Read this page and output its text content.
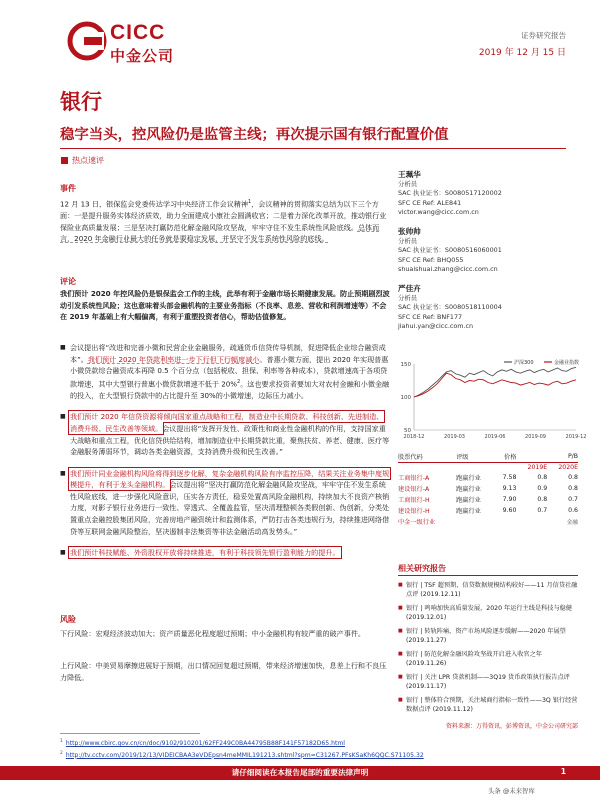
CICC
中金公司
证券研究报告
2019 年 12 月 15 日
银行
稳字当头，控风险仍是监管主线；再次提示国有银行配置价值
热点速评
事件
12 月 13 日，银保监会党委传达学习中央经济工作会议精神$^1$，会议精神的贯彻落实总结为以下三个方面：一是提升服务实体经济质效，助力全面建成小康社会圆满收官；二是着力深化改革开放，推动银行业保险业高质量发展；三是坚决打赢防范化解金融风险攻坚战，牢牢守住不发生系统性风险底线。总体而言，2020 年金融行业最大的任务就是要稳定发展，并坚守不发生系统性风险的底线。
评论
我们预计 2020 年控风险仍是银保监会工作的主线，此举有利于金融市场长期健康发展。防止预期剧烈波动引发系统性风险；这也意味着头部金融机构的主要业务指标（不良率、息差、营收和利润增速等）不会在 2019 年基础上有大幅偏离，有利于重塑投资者信心，帮助估值修复。
■ 会议提出将“改进和完善小微和民营企业金融服务，疏通货币信贷传导机制，促进降低企业综合融资成本”。我们预计 2020 年贷款利率进一步下行但下行幅度减小。普惠小微方面，提出 2020 年实现普惠小微贷款综合融资成本再降 0.5 个百分点（包括税收、担保、利率等各种成本），贷款增速高于各项贷款增速，其中大型银行普惠小微贷款增速不低于 20%$^2$。这也要求投资者要加大对农村金融和小微金融的投入，在大型银行贷款中的占比提升至 30%的小微增速，边际压力减小。
■ 我们预计 2020 年信贷资源将倾向国家重点战略和工程，制造业中长期贷款、科技创新、先进制造、消费升级、民生改善等领域。会议提出将“发挥开发性、政策性和商业性金融机构的作用，支持国家重大战略和重点工程，优化信贷供给结构，增加制造业中长期贷款比重，聚焦扶贫、养老、健康、医疗等金融服务薄弱环节，调动各类金融资源，支持消费升级和民生改善。”
■ 我们预计同业金融机构风险将得到逐步化解，复杂金融机构风险有序监控压降，结果关注业务集中度规模提升，有利于龙头金融机构。会议提出将“坚决打赢防范化解金融风险攻坚战，牢牢守住不发生系统性风险底线，进一步强化风险意识，压实各方责任，稳妥处置高风险金融机构，持续加大不良资产核销力度，对影子银行业务进行一致性、穿透式、全覆盖监管，坚决清理整顿各类假创新、伪创新，分类处置重点金融控股集团风险，完善房地产融资统计和监测体系，严防打击各类违规行为，持续推进网络借贷等互联网金融风险整治，坚决遏制非法集资等非法金融活动高发势头。”
■ 我们预计科技赋能、外资股权开放将持续推进，有利于科技领先银行盈利能力的提升。
风险
下行风险：宏观经济波动加大；资产质量恶化程度超过预期；中小金融机构有较严重的破产事件。
上行风险：中美贸易摩擦进展好于预期，出口情况回复超过预期，带来经济增速加快，息差上行和不良压力降低。
王珮华
分析员
SAC 执业证书：S0080517120002
SFC CE Ref: ALE841
victor.wang@cicc.com.cn
张帅帅
分析员
SAC 执业证书：S0080516060001
SFC CE Ref: BHQ055
shuaishuai.zhang@cicc.com.cn
严佳卉
分析员
SAC 执业证书：S0080518110004
SFC CE Ref: BNF177
jiahui.yan@cicc.com.cn
150
100
50
2018-12	2019-03	2019-06	2019-09	2019-12
沪深300	金融业指数
股票代码	评级	价格	P/B	
			2019E	2020E
工商银行-A	跑赢行业	7.58	0.8	0.8
建设银行-A	跑赢行业	9.13	0.9	0.8
工商银行-H	跑赢行业	7.90	0.8	0.7
建设银行-H	跑赢行业	9.60	0.7	0.6
中金一级行业				金融
相关研究报告
■ 银行 | TSF 超预期，信贷数据规模结构较好——11 月信贷社融点评 (2019.12.11)
■ 银行 | 鸣响加快高质量发展，2020 年运行主线是科技与稳健 (2019.12.01)
■ 银行 | 转轨阵痛，资产市场风险逐步缓解——2020 年展望 (2019.11.27)
■ 银行 | 防范化解金融风险攻坚战开启进入收官之年 (2019.11.26)
■ 银行 | 关注 LPR 贷款机制——3Q19 货币政策执行报告点评 (2019.11.17)
■ 银行 | 整体符合预期，关注城商行指标一致性——3Q 银行经营数据点评 (2019.11.12)
资料来源：万得资讯，彭博资讯，中金公司研究部
$^1$ http://www.cbirc.gov.cn/cn/doc/9102/910201/62FF249C0BA44795B88F141F57182D65.html
$^2$ http://tv.cctv.com/2019/12/13/VIDEICBAA3eVDEpsn4meMMIL191213.shtml?spm=C31267.PFsKSaKh6QQC.S71105.32
请仔细阅读在本报告尾部的重要法律声明	1
头条 @未来智库
